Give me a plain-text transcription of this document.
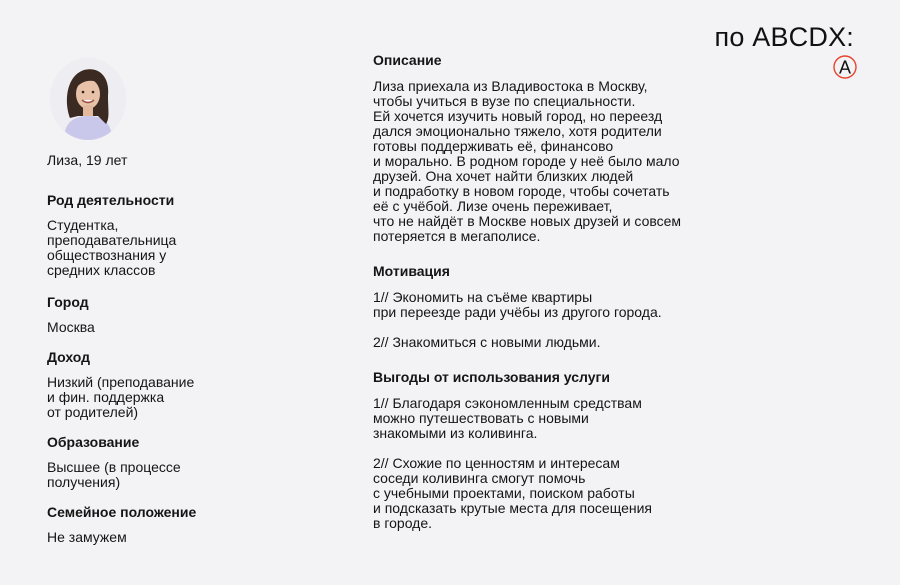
по ABCDX:
A
Лиза, 19 лет
Род деятельности
Студентка,
преподавательница
обществознания у
средних классов
Город
Москва
Доход
Низкий (преподавание
и фин. поддержка
от родителей)
Образование
Высшее (в процессе
получения)
Семейное положение
Не замужем
Описание
Лиза приехала из Владивостока в Москву,
чтобы учиться в вузе по специальности.
Ей хочется изучить новый город, но переезд
дался эмоционально тяжело, хотя родители
готовы поддерживать её, финансово
и морально. В родном городе у неё было мало
друзей. Она хочет найти близких людей
и подработку в новом городе, чтобы сочетать
её с учёбой. Лизе очень переживает,
что не найдёт в Москве новых друзей и совсем
потеряется в мегаполисе.
Мотивация
1// Экономить на съёме квартиры
при переезде ради учёбы из другого города.
2// Знакомиться с новыми людьми.
Выгоды от использования услуги
1// Благодаря сэкономленным средствам
можно путешествовать с новыми
знакомыми из коливинга.
2// Схожие по ценностям и интересам
соседи коливинга смогут помочь
с учебными проектами, поиском работы
и подсказать крутые места для посещения
в городе.
